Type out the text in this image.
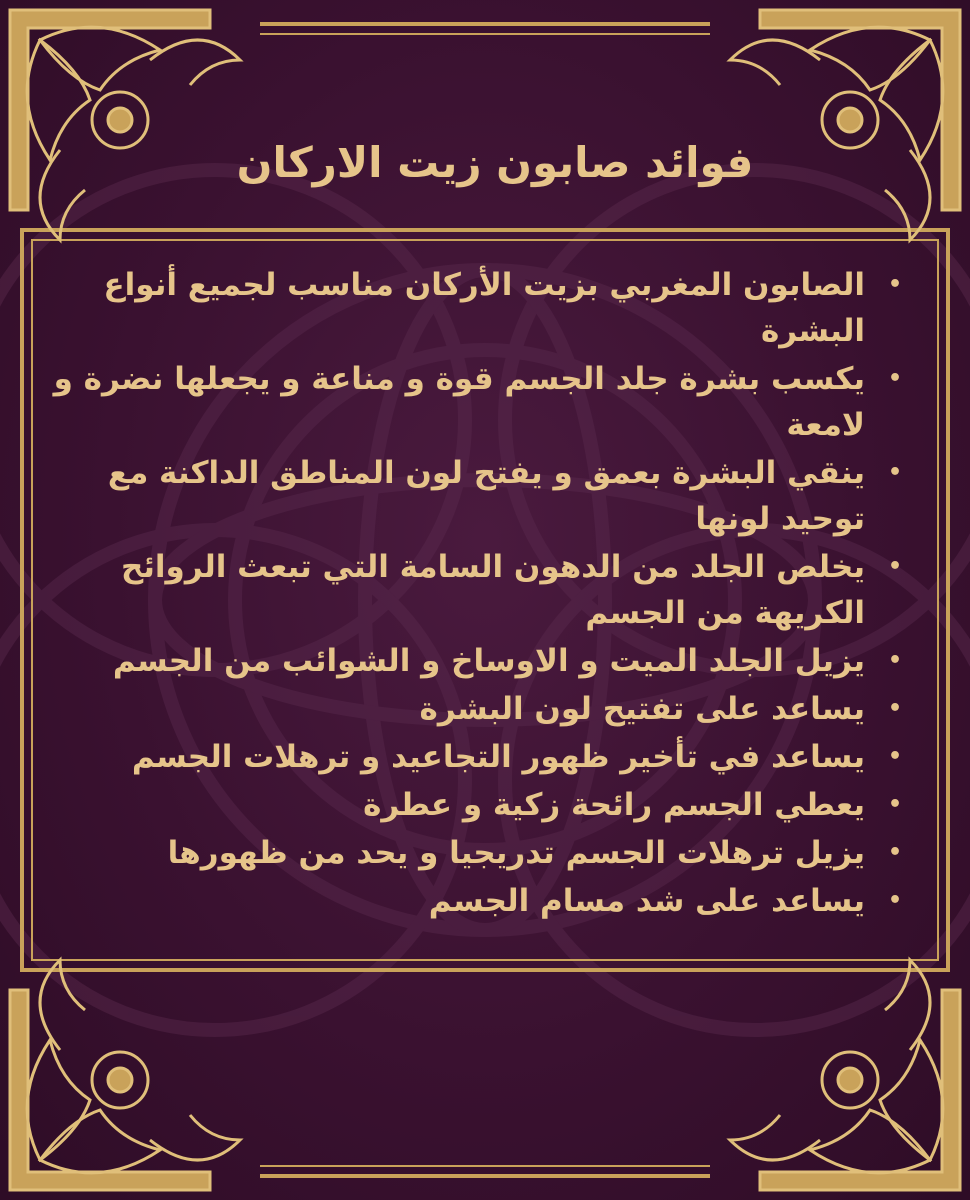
فوائد صابون زيت الاركان
•
الصابون المغربي بزيت الأركان مناسب لجميع أنواع البشرة
•
يكسب بشرة جلد الجسم قوة و مناعة و يجعلها نضرة و لامعة
•
ينقي البشرة بعمق و يفتح لون المناطق الداكنة مع توحيد لونها
•
يخلص الجلد من الدهون السامة التي تبعث الروائح الكريهة من الجسم
•
يزيل الجلد الميت و الاوساخ و الشوائب من الجسم
•
يساعد على تفتيح لون البشرة
•
يساعد في تأخير ظهور التجاعيد و ترهلات الجسم
•
يعطي الجسم رائحة زكية و عطرة
•
يزيل ترهلات الجسم تدريجيا و يحد من ظهورها
•
يساعد على شد مسام الجسم
